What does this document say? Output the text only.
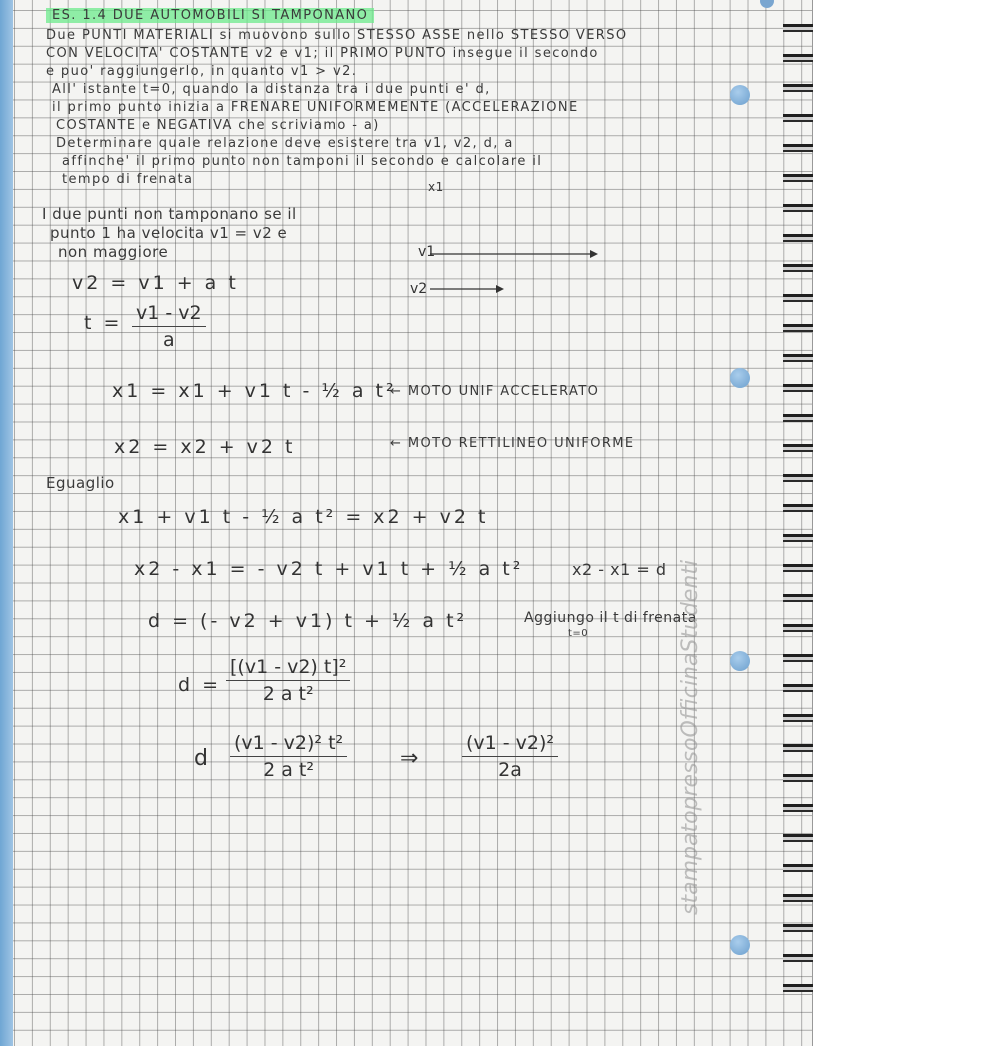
ES. 1.4 DUE AUTOMOBILI SI TAMPONANO
Due PUNTI MATERIALI si muovono sullo STESSO ASSE nello STESSO VERSO
CON VELOCITA' COSTANTE v2 e v1; il PRIMO PUNTO insegue il secondo
e puo' raggiungerlo, in quanto v1 > v2.
All' istante t=0, quando la distanza tra i due punti e' d,
il primo punto inizia a FRENARE UNIFORMEMENTE (ACCELERAZIONE
COSTANTE e NEGATIVA che scriviamo - a)
Determinare quale relazione deve esistere tra v1, v2, d, a
affinche' il primo punto non tamponi il secondo e calcolare il
tempo di frenata	x1
I due punti non tamponano se il
punto 1 ha velocita v1 = v2 e
non maggiore	v1
v2
v2 = v1 + a t
$t = \frac{v1 - v2}{a}$
x1 = x1 + v1 t - ½ a t²
← MOTO UNIF ACCELERATO
x2 = x2 + v2 t	← MOTO RETTILINEO UNIFORME
Eguaglio
x1 + v1 t - ½ a t² = x2 + v2 t
x2 - x1 = - v2 t + v1 t + ½ a t²	x2 - x1 = d
d = (- v2 + v1) t + ½ a t²	Aggiungo il t di frenata
t=0
$d = \frac{\text{[(v1 - v2) t]²}}{\text{2 a t²}}$
d $\frac{\text{(v1 - v2)² t²}}{\text{2 a t²}}$ ⇒ $\frac{\text{(v1 - v2)²}}{2a}$	stampatopressoOfficinaStudenti
